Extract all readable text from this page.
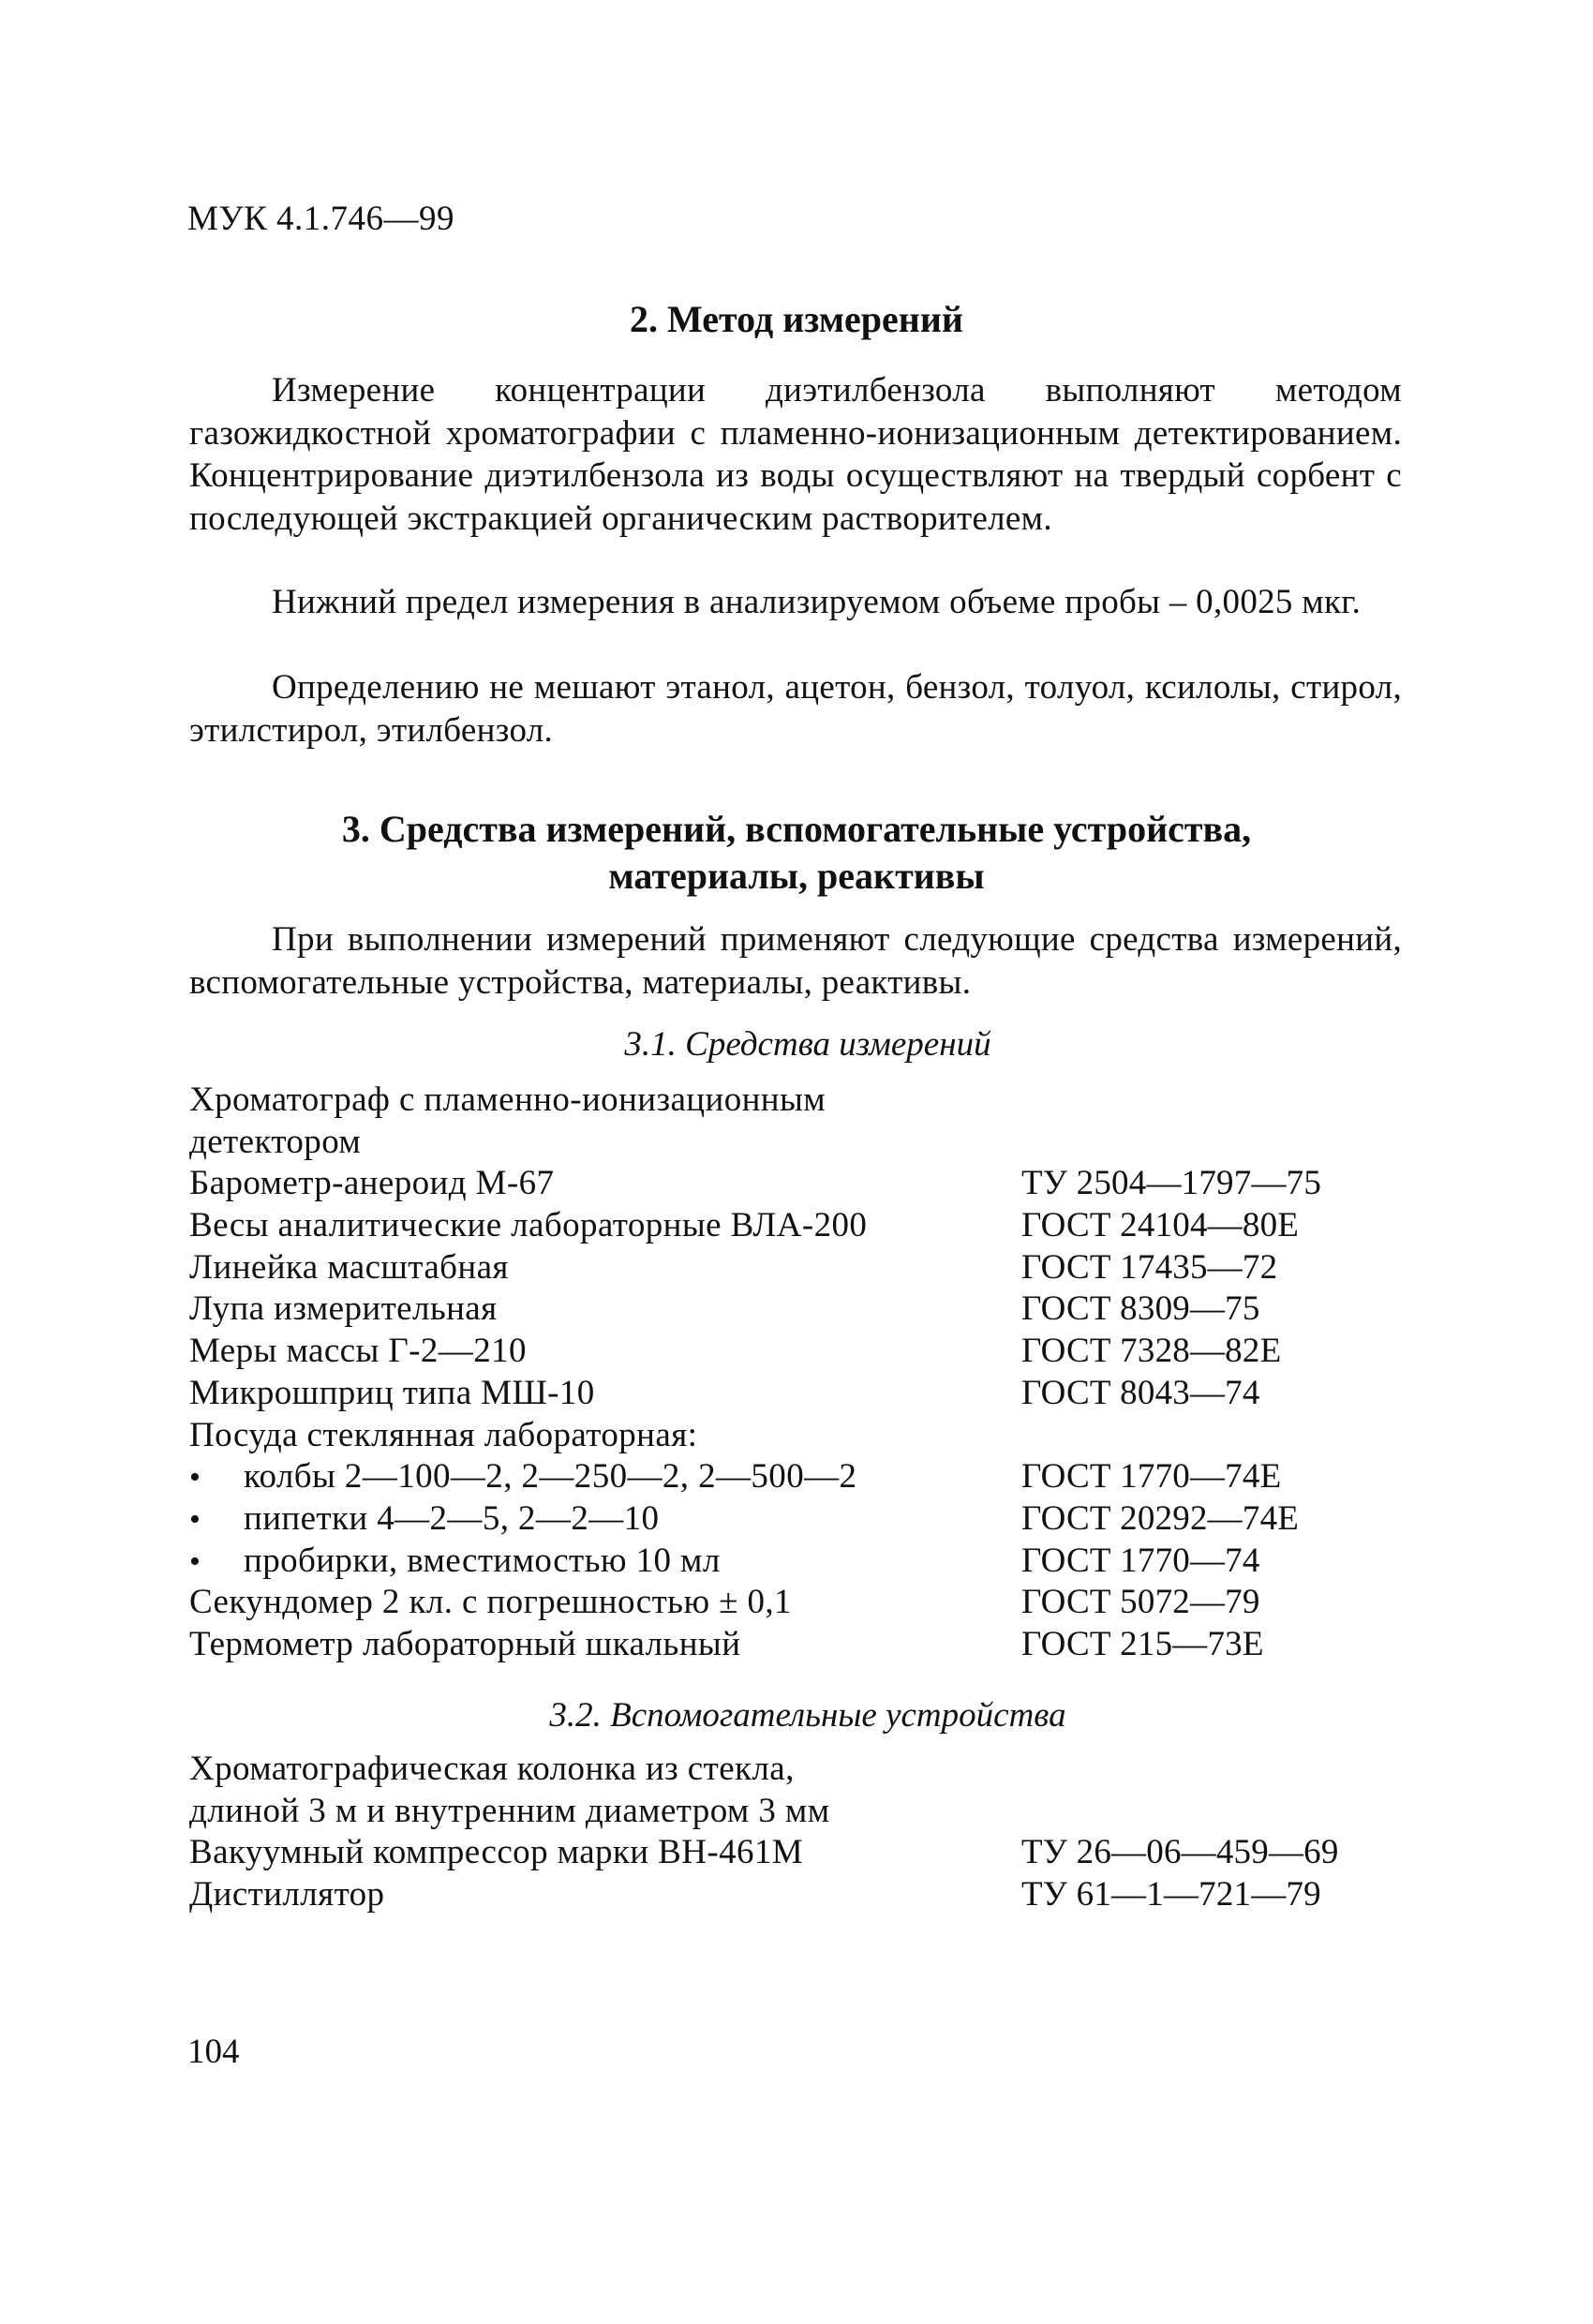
МУК 4.1.746—99
2. Метод измерений

Измерение концентрации диэтилбензола выполняют методом газожидкостной хроматографии с пламенно-ионизационным детектированием. Концентрирование диэтилбензола из воды осуществляют на твердый сорбент с последующей экстракцией органическим растворителем.

Нижний предел измерения в анализируемом объеме пробы – 0,0025 мкг.

Определению не мешают этанол, ацетон, бензол, толуол, ксилолы, стирол, этилстирол, этилбензол.

3. Средства измерений, вспомогательные устройства,
материалы, реактивы

При выполнении измерений применяют следующие средства измерений, вспомогательные устройства, материалы, реактивы.

3.1. Средства измерений
Хроматограф с пламенно-ионизационным
детектором
Барометр-анероид М-67	ТУ 2504—1797—75
Весы аналитические лабораторные ВЛА-200	ГОСТ 24104—80Е
Линейка масштабная	ГОСТ 17435—72
Лупа измерительная	ГОСТ 8309—75
Меры массы Г-2—210	ГОСТ 7328—82Е
Микрошприц типа МШ-10	ГОСТ 8043—74
Посуда стеклянная лабораторная:
• колбы 2—100—2, 2—250—2, 2—500—2	ГОСТ 1770—74Е
• пипетки 4—2—5, 2—2—10	ГОСТ 20292—74Е
• пробирки, вместимостью 10 мл	ГОСТ 1770—74
Секундомер 2 кл. с погрешностью ± 0,1	ГОСТ 5072—79
Термометр лабораторный шкальный	ГОСТ 215—73Е
3.2. Вспомогательные устройства
Хроматографическая колонка из стекла,
длиной 3 м и внутренним диаметром 3 мм
Вакуумный компрессор марки ВН-461М	ТУ 26—06—459—69
Дистиллятор	ТУ 61—1—721—79
104
